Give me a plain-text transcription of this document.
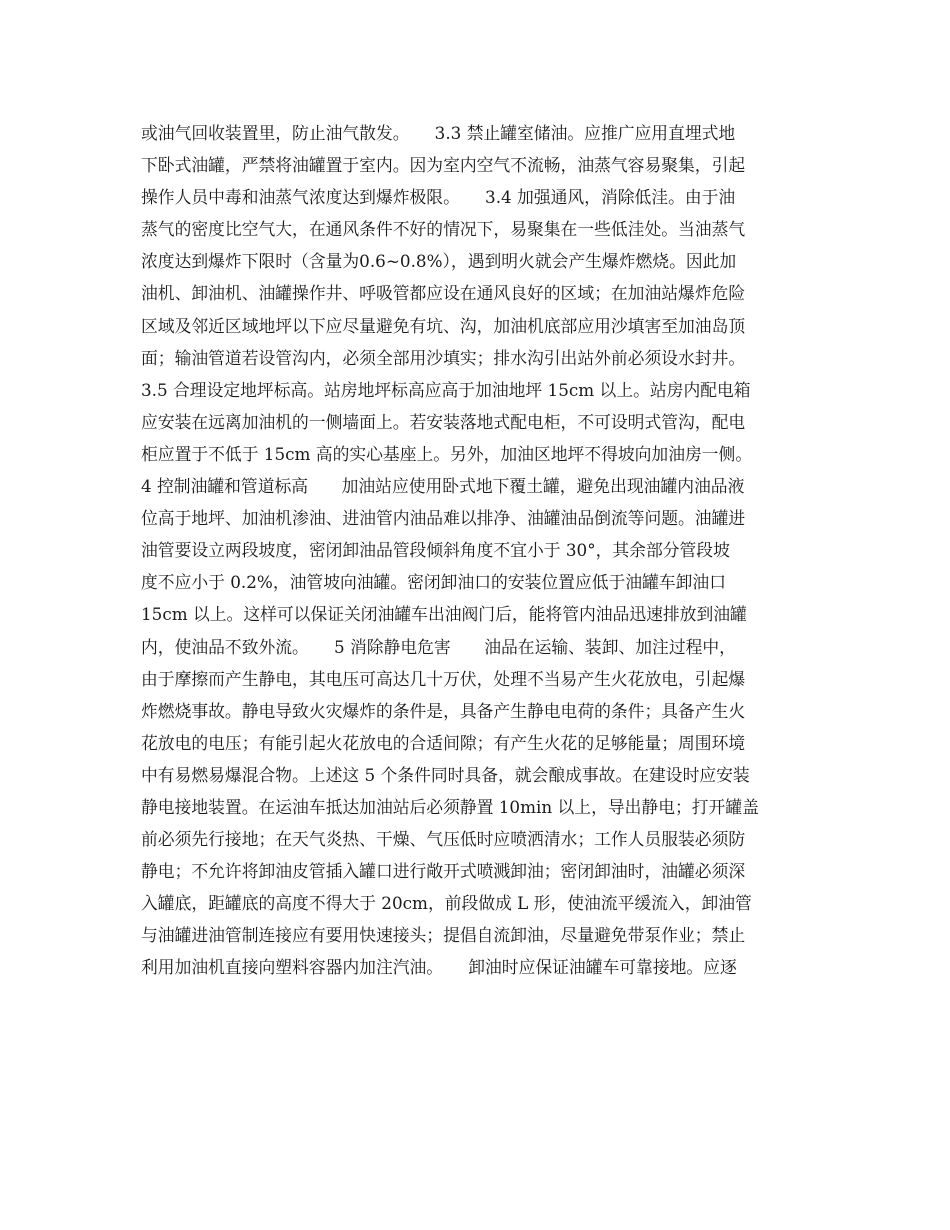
或油气回收装置里，防止油气散发。　　3.3 禁止罐室储油。应推广应用直埋式地
下卧式油罐，严禁将油罐置于室内。因为室内空气不流畅，油蒸气容易聚集，引起
操作人员中毒和油蒸气浓度达到爆炸极限。　　3.4 加强通风，消除低洼。由于油
蒸气的密度比空气大，在通风条件不好的情况下，易聚集在一些低洼处。当油蒸气
浓度达到爆炸下限时（含量为0.6~0.8%），遇到明火就会产生爆炸燃烧。因此加
油机、卸油机、油罐操作井、呼吸管都应设在通风良好的区域；在加油站爆炸危险
区域及邻近区域地坪以下应尽量避免有坑、沟，加油机底部应用沙填害至加油岛顶
面；输油管道若设管沟内，必须全部用沙填实；排水沟引出站外前必须设水封井。
3.5 合理设定地坪标高。站房地坪标高应高于加油地坪 15cm 以上。站房内配电箱
应安装在远离加油机的一侧墙面上。若安装落地式配电柜，不可设明式管沟，配电
柜应置于不低于 15cm 高的实心基座上。另外，加油区地坪不得坡向加油房一侧。
4 控制油罐和管道标高　　加油站应使用卧式地下覆土罐，避免出现油罐内油品液
位高于地坪、加油机渗油、进油管内油品难以排净、油罐油品倒流等问题。油罐进
油管要设立两段坡度，密闭卸油品管段倾斜角度不宜小于 30°，其余部分管段坡
度不应小于 0.2%，油管坡向油罐。密闭卸油口的安装位置应低于油罐车卸油口
15cm 以上。这样可以保证关闭油罐车出油阀门后，能将管内油品迅速排放到油罐
内，使油品不致外流。　　5 消除静电危害　　油品在运输、装卸、加注过程中，
由于摩擦而产生静电，其电压可高达几十万伏，处理不当易产生火花放电，引起爆
炸燃烧事故。静电导致火灾爆炸的条件是，具备产生静电电荷的条件；具备产生火
花放电的电压；有能引起火花放电的合适间隙；有产生火花的足够能量；周围环境
中有易燃易爆混合物。上述这 5 个条件同时具备，就会酿成事故。在建设时应安装
静电接地装置。在运油车抵达加油站后必须静置 10min 以上，导出静电；打开罐盖
前必须先行接地；在天气炎热、干燥、气压低时应喷洒清水；工作人员服装必须防
静电；不允许将卸油皮管插入罐口进行敞开式喷溅卸油；密闭卸油时，油罐必须深
入罐底，距罐底的高度不得大于 20cm，前段做成 L 形，使油流平缓流入，卸油管
与油罐进油管制连接应有要用快速接头；提倡自流卸油，尽量避免带泵作业；禁止
利用加油机直接向塑料容器内加注汽油。　　卸油时应保证油罐车可靠接地。应逐
